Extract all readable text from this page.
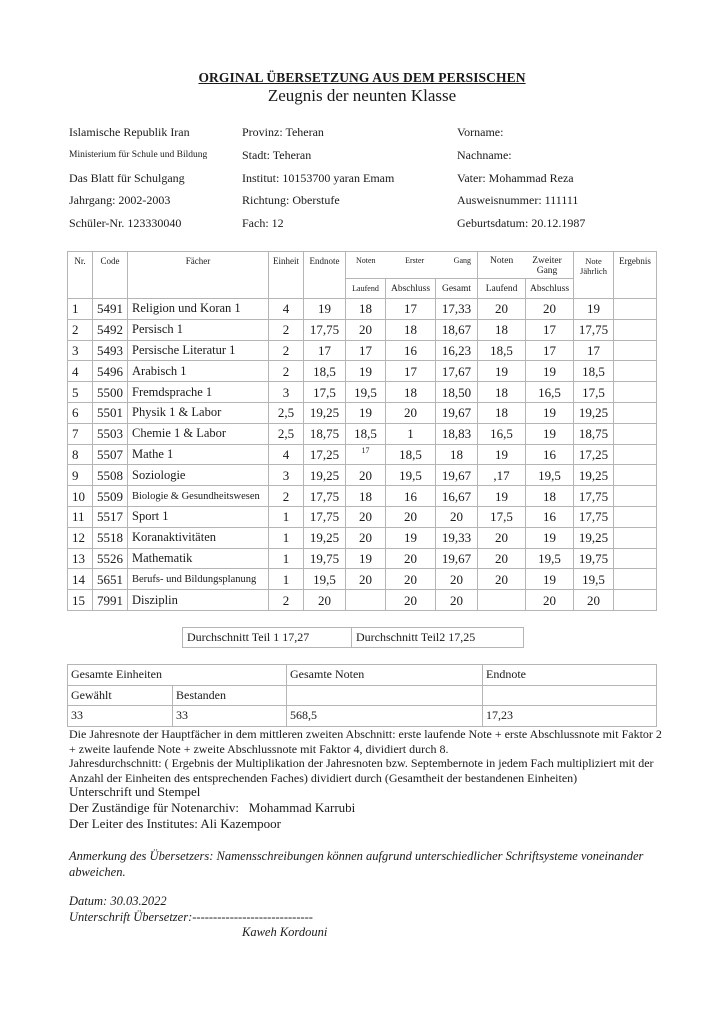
ORGINAL ÜBERSETZUNG AUS DEM PERSISCHEN
Zeugnis der neunten Klasse
Islamische Republik Iran
Ministerium für Schule und Bildung
Das Blatt für Schulgang
Jahrgang: 2002-2003
Schüler-Nr. 123330040
Provinz: Teheran
Stadt: Teheran
Institut: 10153700 yaran Emam
Richtung: Oberstufe
Fach: 12
Vorname:
Nachname:
Vater: Mohammad Reza
Ausweisnummer: 111111
Geburtsdatum: 20.12.1987
Nr.	Code	Fächer	Einheit	Endnote	Noten Erster Gang			Noten Zweiter Gang		Note Jährlich	Ergebnis
					Laufend	Abschluss	Gesamt	Laufend	Abschluss		
1	5491	Religion und Koran 1	4	19	18	17	17,33	20	20	19	
2	5492	Persisch 1	2	17,75	20	18	18,67	18	17	17,75	
3	5493	Persische Literatur 1	2	17	17	16	16,23	18,5	17	17	
4	5496	Arabisch 1	2	18,5	19	17	17,67	19	19	18,5	
5	5500	Fremdsprache 1	3	17,5	19,5	18	18,50	18	16,5	17,5	
6	5501	Physik 1 & Labor	2,5	19,25	19	20	19,67	18	19	19,25	
7	5503	Chemie 1 & Labor	2,5	18,75	18,5	1	18,83	16,5	19	18,75	
8	5507	Mathe 1	4	17,25	17	18,5	18	19	16	17,25	
9	5508	Soziologie	3	19,25	20	19,5	19,67	,17	19,5	19,25	
10	5509	Biologie & Gesundheitswesen	2	17,75	18	16	16,67	19	18	17,75	
11	5517	Sport 1	1	17,75	20	20	20	17,5	16	17,75	
12	5518	Koranaktivitäten	1	19,25	20	19	19,33	20	19	19,25	
13	5526	Mathematik	1	19,75	19	20	19,67	20	19,5	19,75	
14	5651	Berufs- und Bildungsplanung	1	19,5	20	20	20	20	19	19,5	
15	7991	Disziplin	2	20		20	20		20	20	
Durchschnitt Teil 1 17,27	Durchschnitt Teil2 17,25
Gesamte Einheiten		Gesamte Noten	Endnote
Gewählt	Bestanden		
33	33	568,5	17,23
Die Jahresnote der Hauptfächer in dem mittleren zweiten Abschnitt: erste laufende Note + erste Abschlussnote mit Faktor 2 + zweite laufende Note + zweite Abschlussnote mit Faktor 4, dividiert durch 8.
Jahresdurchschnitt: ( Ergebnis der Multiplikation der Jahresnoten bzw. Septembernote in jedem Fach multipliziert mit der Anzahl der Einheiten des entsprechenden Faches) dividiert durch (Gesamtheit der bestandenen Einheiten)
Unterschrift und Stempel
Der Zuständige für Notenarchiv:   Mohammad Karrubi
Der Leiter des Institutes: Ali Kazempoor
Anmerkung des Übersetzers: Namensschreibungen können aufgrund unterschiedlicher Schriftsysteme voneinander abweichen.
Datum: 30.03.2022
Unterschrift Übersetzer:-----------------------------
Kaweh Kordouni
